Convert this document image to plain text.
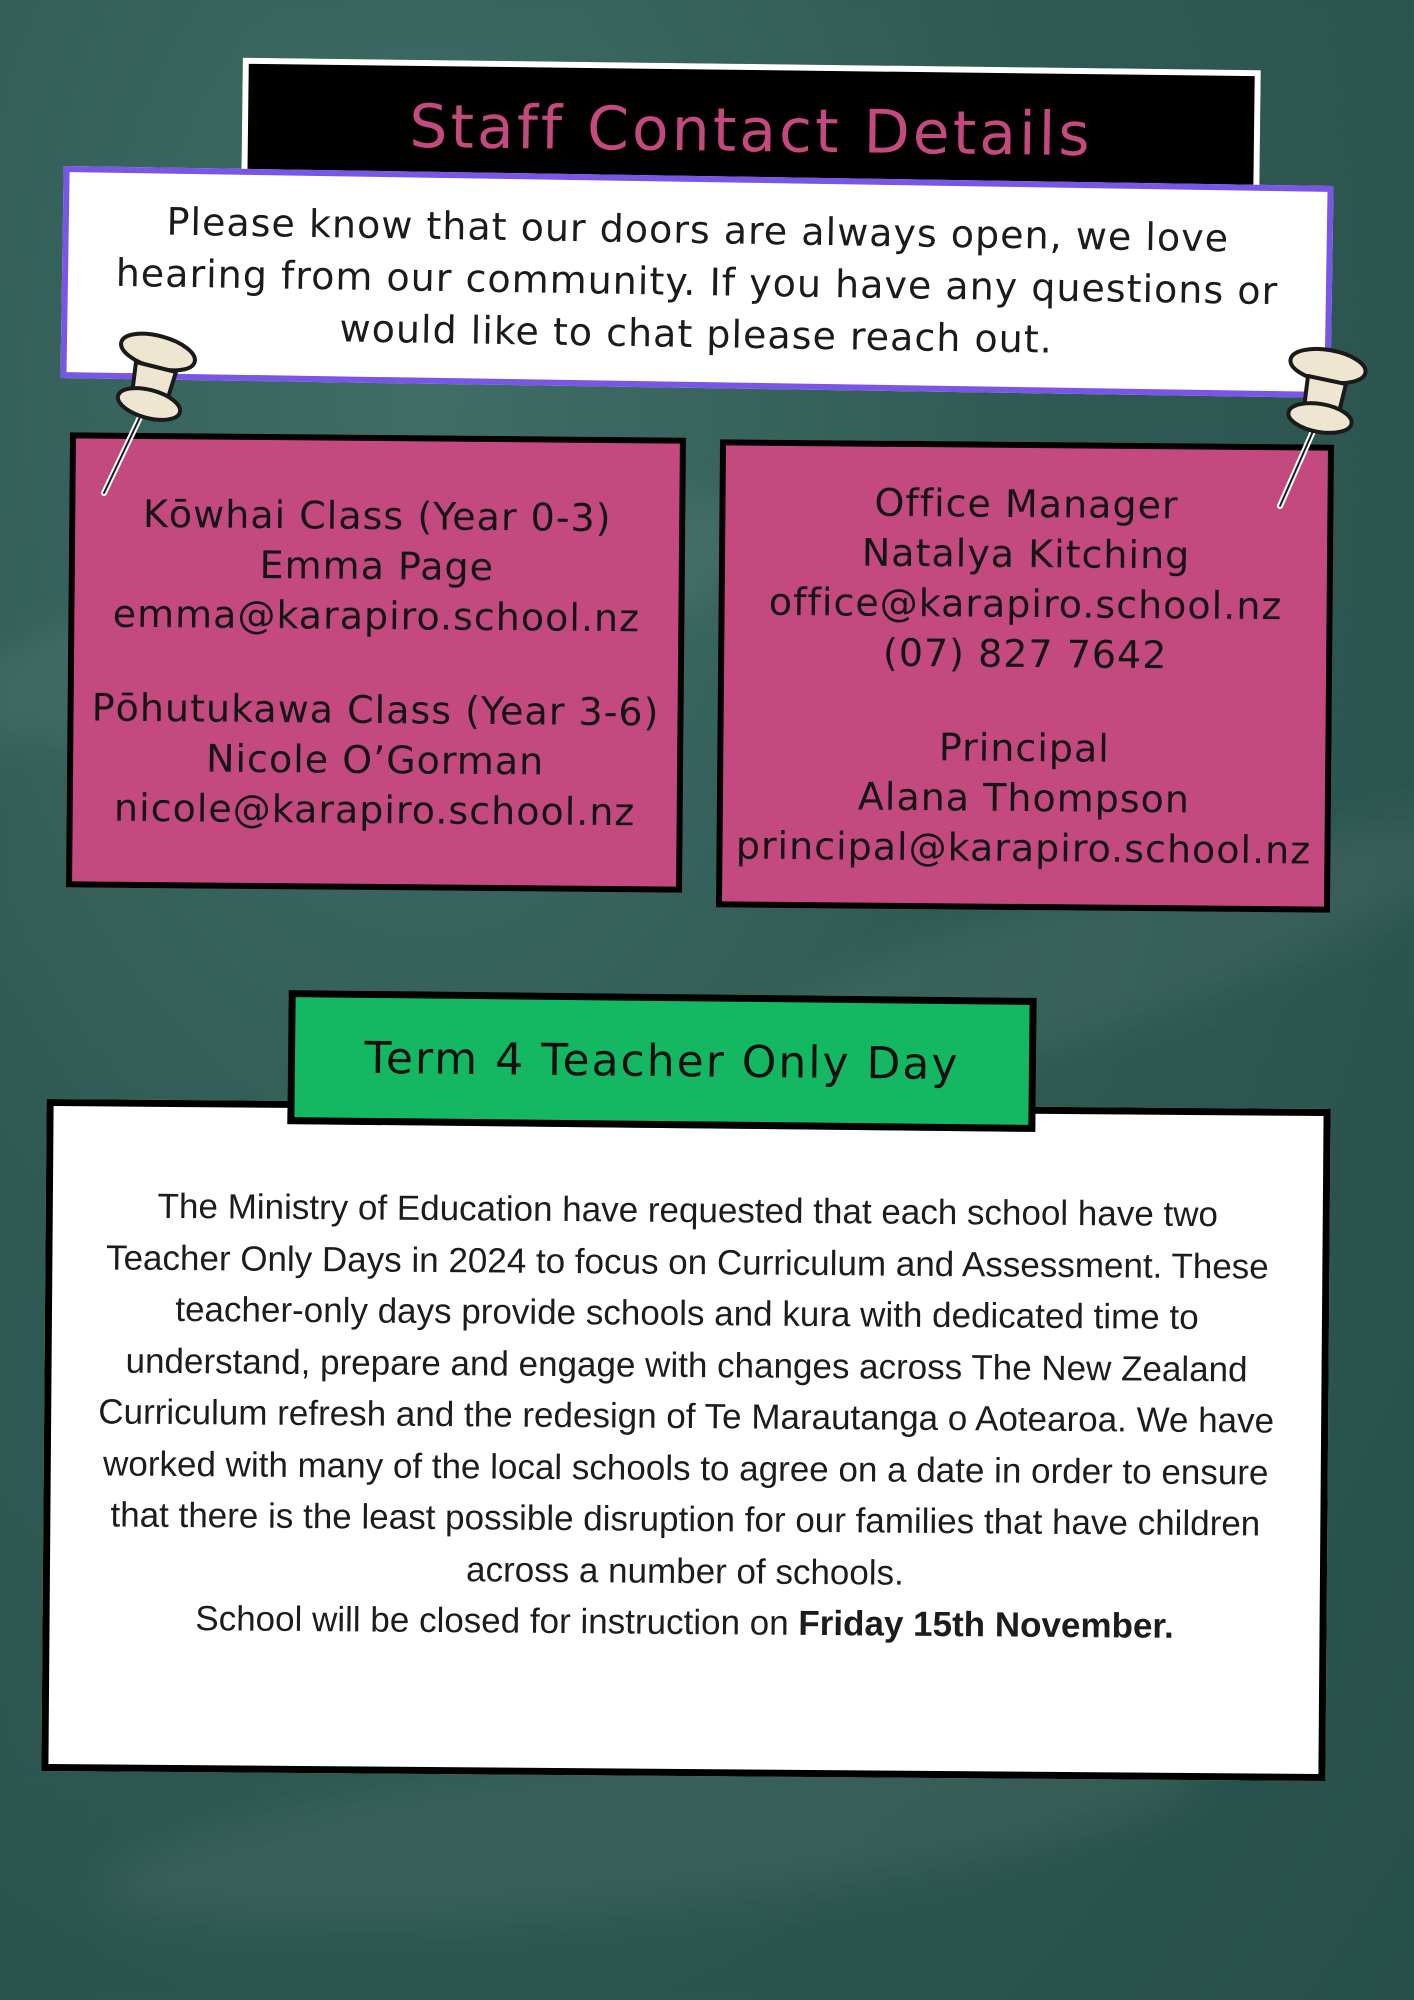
Staff Contact Details

Please know that our doors are always open, we love hearing from our community. If you have any questions or would like to chat please reach out.

Kōwhai Class (Year 0-3)
Emma Page
emma@karapiro.school.nz
Pōhutukawa Class (Year 3-6)
Nicole O’Gorman
nicole@karapiro.school.nz
Office Manager
Natalya Kitching
office@karapiro.school.nz
(07) 827 7642
Principal
Alana Thompson
principal@karapiro.school.nz

The Ministry of Education have requested that each school have two Teacher Only Days in 2024 to focus on Curriculum and Assessment. These teacher-only days provide schools and kura with dedicated time to understand, prepare and engage with changes across The New Zealand Curriculum refresh and the redesign of Te Marautanga o Aotearoa. We have worked with many of the local schools to agree on a date in order to ensure that there is the least possible disruption for our families that have children across a number of schools.
School will be closed for instruction on Friday 15th November.

Term 4 Teacher Only Day
